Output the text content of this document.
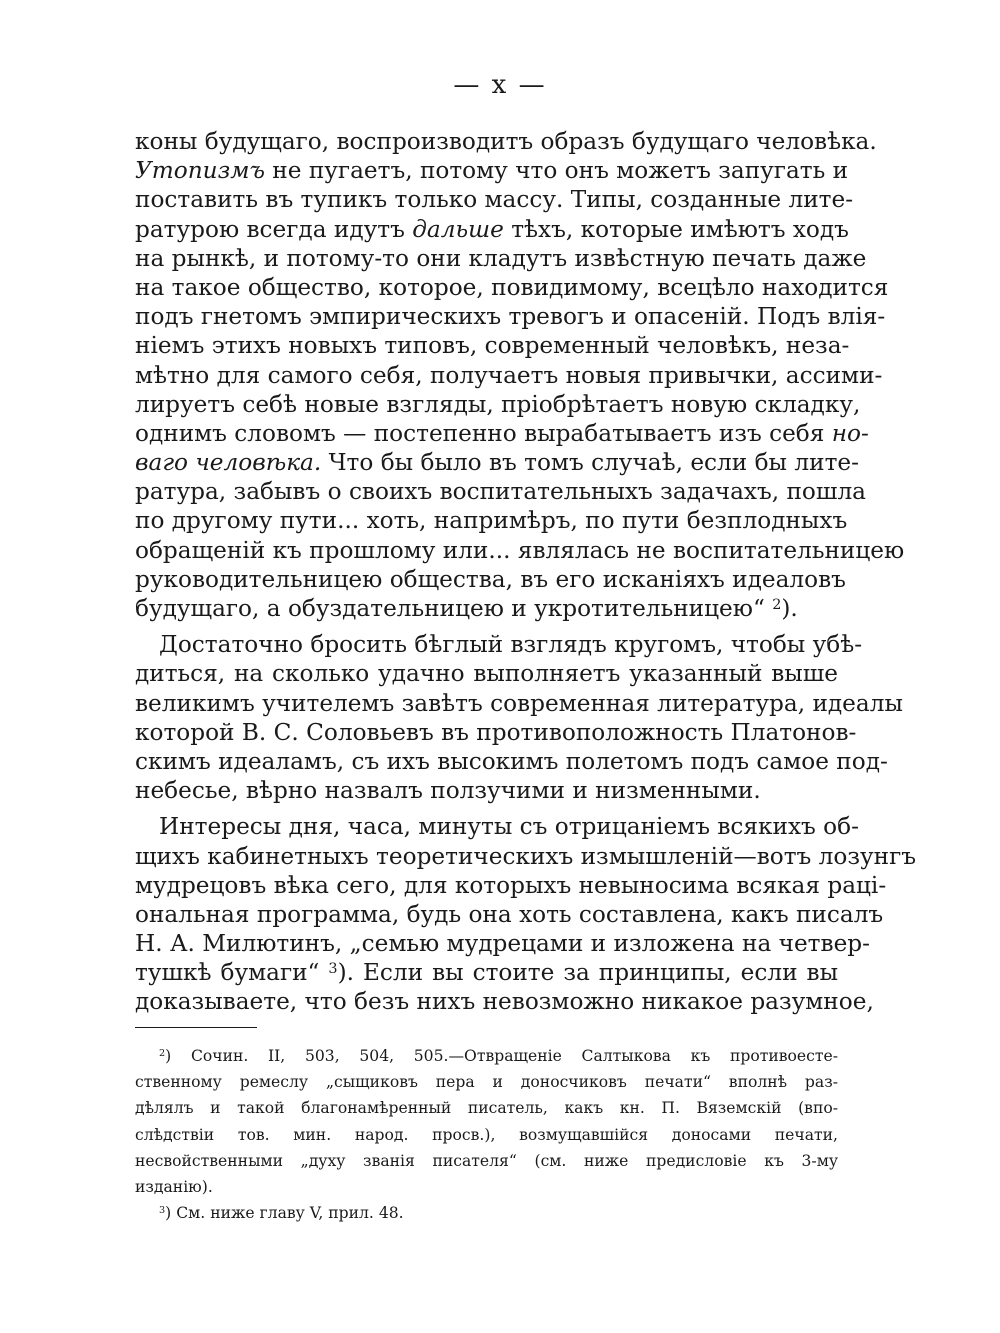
— x —
коны будущаго, воспроизводитъ образъ будущаго человѣка.
Утопизмъ не пугаетъ, потому что онъ можетъ запугать и
поставить въ тупикъ только массу. Типы, созданные лите-
ратурою всегда идутъ дальше тѣхъ, которые имѣютъ ходъ
на рынкѣ, и потому-то они кладутъ извѣстную печать даже
на такое общество, которое, повидимому, всецѣло находится
подъ гнетомъ эмпирическихъ тревогъ и опасеній. Подъ влія-
ніемъ этихъ новыхъ типовъ, современный человѣкъ, неза-
мѣтно для самого себя, получаетъ новыя привычки, ассими-
лируетъ себѣ новые взгляды, пріобрѣтаетъ новую складку,
однимъ словомъ — постепенно вырабатываетъ изъ себя но-
ваго человѣка. Что бы было въ томъ случаѣ, если бы лите-
ратура, забывъ о своихъ воспитательныхъ задачахъ, пошла
по другому пути... хоть, напримѣръ, по пути безплодныхъ
обращеній къ прошлому или... являлась не воспитательницею
руководительницею общества, въ его исканіяхъ идеаловъ
будущаго, а обуздательницею и укротительницею“ $^2$).
Достаточно бросить бѣглый взглядъ кругомъ, чтобы убѣ-
диться, на сколько удачно выполняетъ указанный выше
великимъ учителемъ завѣтъ современная литература, идеалы
которой В. С. Соловьевъ въ противоположность Платонов-
скимъ идеаламъ, съ ихъ высокимъ полетомъ подъ самое под-
небесье, вѣрно назвалъ ползучими и низменными.
Интересы дня, часа, минуты съ отрицаніемъ всякихъ об-
щихъ кабинетныхъ теоретическихъ измышленій—вотъ лозунгъ
мудрецовъ вѣка сего, для которыхъ невыносима всякая раці-
ональная программа, будь она хоть составлена, какъ писалъ
Н. А. Милютинъ, „семью мудрецами и изложена на четвер-
тушкѣ бумаги“ $^3$). Если вы стоите за принципы, если вы
доказываете, что безъ нихъ невозможно никакое разумное,
$^2$) Сочин. II, 503, 504, 505.—Отвращеніе Салтыкова къ противоесте-
ственному ремеслу „сыщиковъ пера и доносчиковъ печати“ вполнѣ раз-
дѣлялъ и такой благонамѣренный писатель, какъ кн. П. Вяземскій (впо-
слѣдствіи тов. мин. народ. просв.), возмущавшійся доносами печати,
несвойственными „духу званія писателя“ (см. ниже предисловіе къ 3-му
изданію).
$^3$) См. ниже главу V, прил. 48.
